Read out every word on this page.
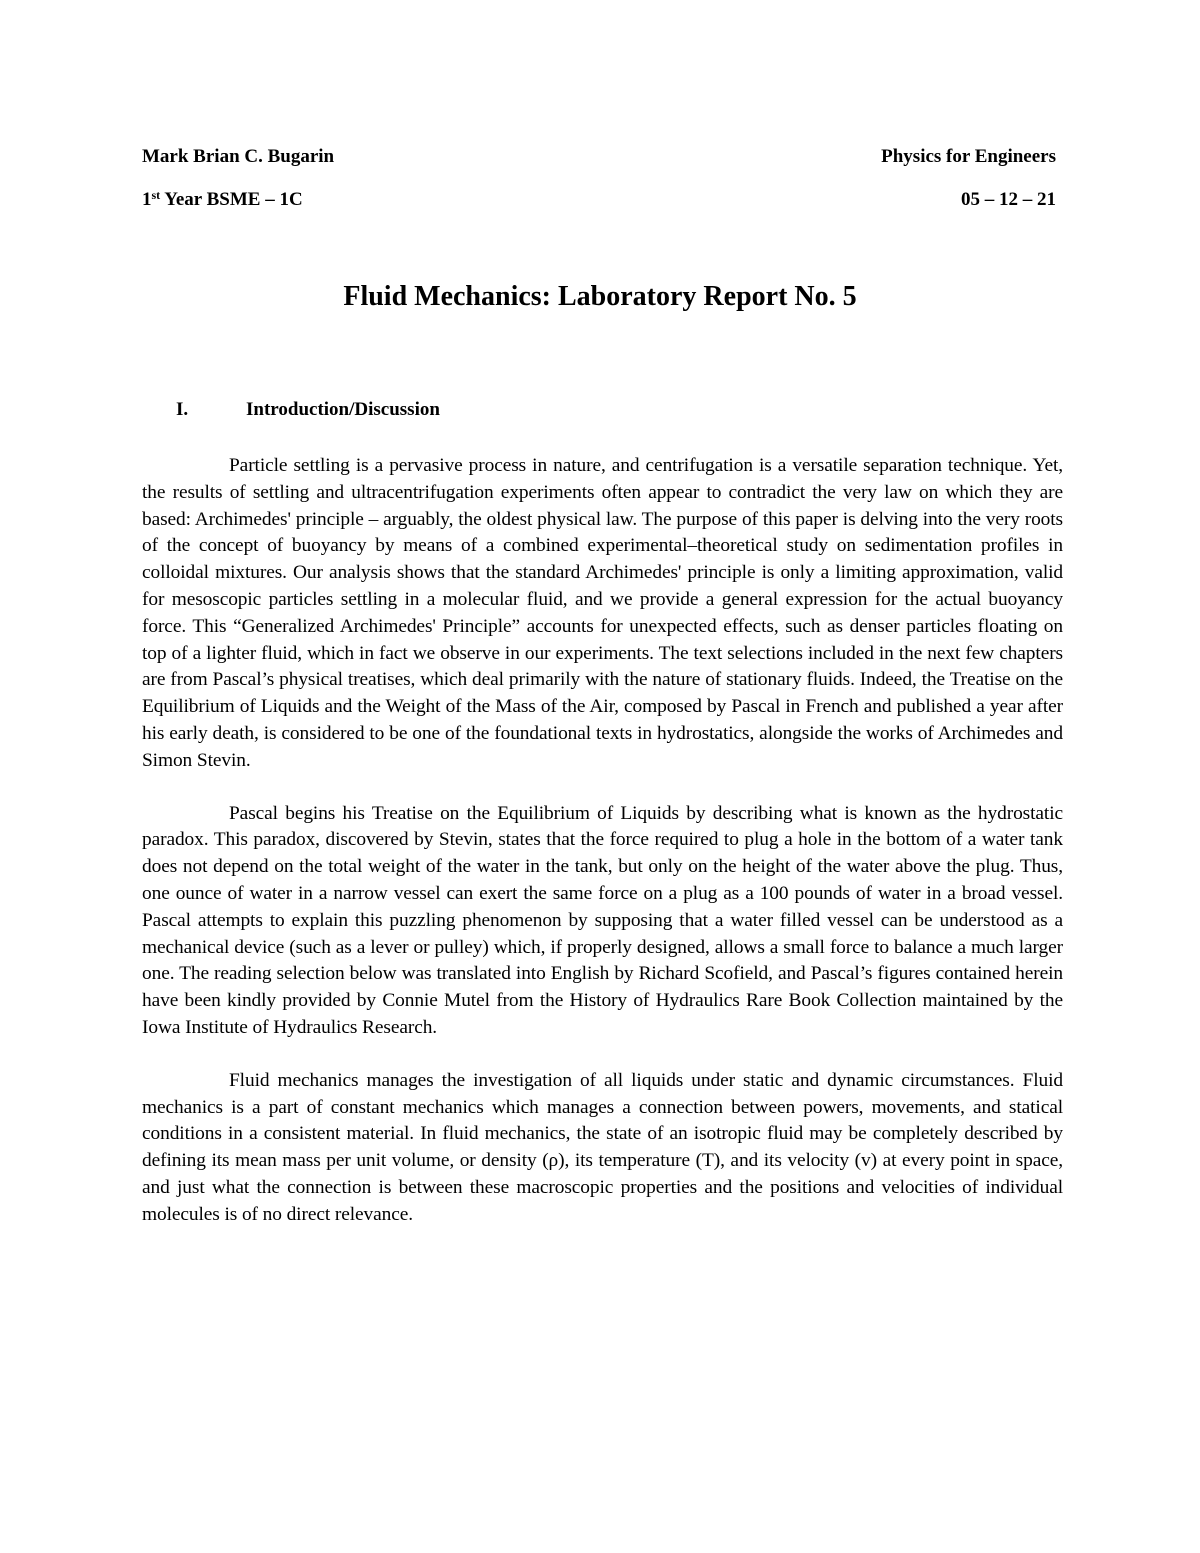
Mark Brian C. Bugarin	Physics for Engineers
1st Year BSME – 1C	05 – 12 – 21
Fluid Mechanics: Laboratory Report No. 5
I.	Introduction/Discussion

Particle settling is a pervasive process in nature, and centrifugation is a versatile separation technique. Yet, the results of settling and ultracentrifugation experiments often appear to contradict the very law on which they are based: Archimedes' principle – arguably, the oldest physical law. The purpose of this paper is delving into the very roots of the concept of buoyancy by means of a combined experimental–theoretical study on sedimentation profiles in colloidal mixtures. Our analysis shows that the standard Archimedes' principle is only a limiting approximation, valid for mesoscopic particles settling in a molecular fluid, and we provide a general expression for the actual buoyancy force. This “Generalized Archimedes' Principle” accounts for unexpected effects, such as denser particles floating on top of a lighter fluid, which in fact we observe in our experiments. The text selections included in the next few chapters are from Pascal’s physical treatises, which deal primarily with the nature of stationary fluids. Indeed, the Treatise on the Equilibrium of Liquids and the Weight of the Mass of the Air, composed by Pascal in French and published a year after his early death, is considered to be one of the foundational texts in hydrostatics, alongside the works of Archimedes and Simon Stevin.

Pascal begins his Treatise on the Equilibrium of Liquids by describing what is known as the hydrostatic paradox. This paradox, discovered by Stevin, states that the force required to plug a hole in the bottom of a water tank does not depend on the total weight of the water in the tank, but only on the height of the water above the plug. Thus, one ounce of water in a narrow vessel can exert the same force on a plug as a 100 pounds of water in a broad vessel. Pascal attempts to explain this puzzling phenomenon by supposing that a water filled vessel can be understood as a mechanical device (such as a lever or pulley) which, if properly designed, allows a small force to balance a much larger one. The reading selection below was translated into English by Richard Scofield, and Pascal’s figures contained herein have been kindly provided by Connie Mutel from the History of Hydraulics Rare Book Collection maintained by the Iowa Institute of Hydraulics Research.

Fluid mechanics manages the investigation of all liquids under static and dynamic circumstances. Fluid mechanics is a part of constant mechanics which manages a connection between powers, movements, and statical conditions in a consistent material. In fluid mechanics, the state of an isotropic fluid may be completely described by defining its mean mass per unit volume, or density (ρ), its temperature (T), and its velocity (v) at every point in space, and just what the connection is between these macroscopic properties and the positions and velocities of individual molecules is of no direct relevance.
